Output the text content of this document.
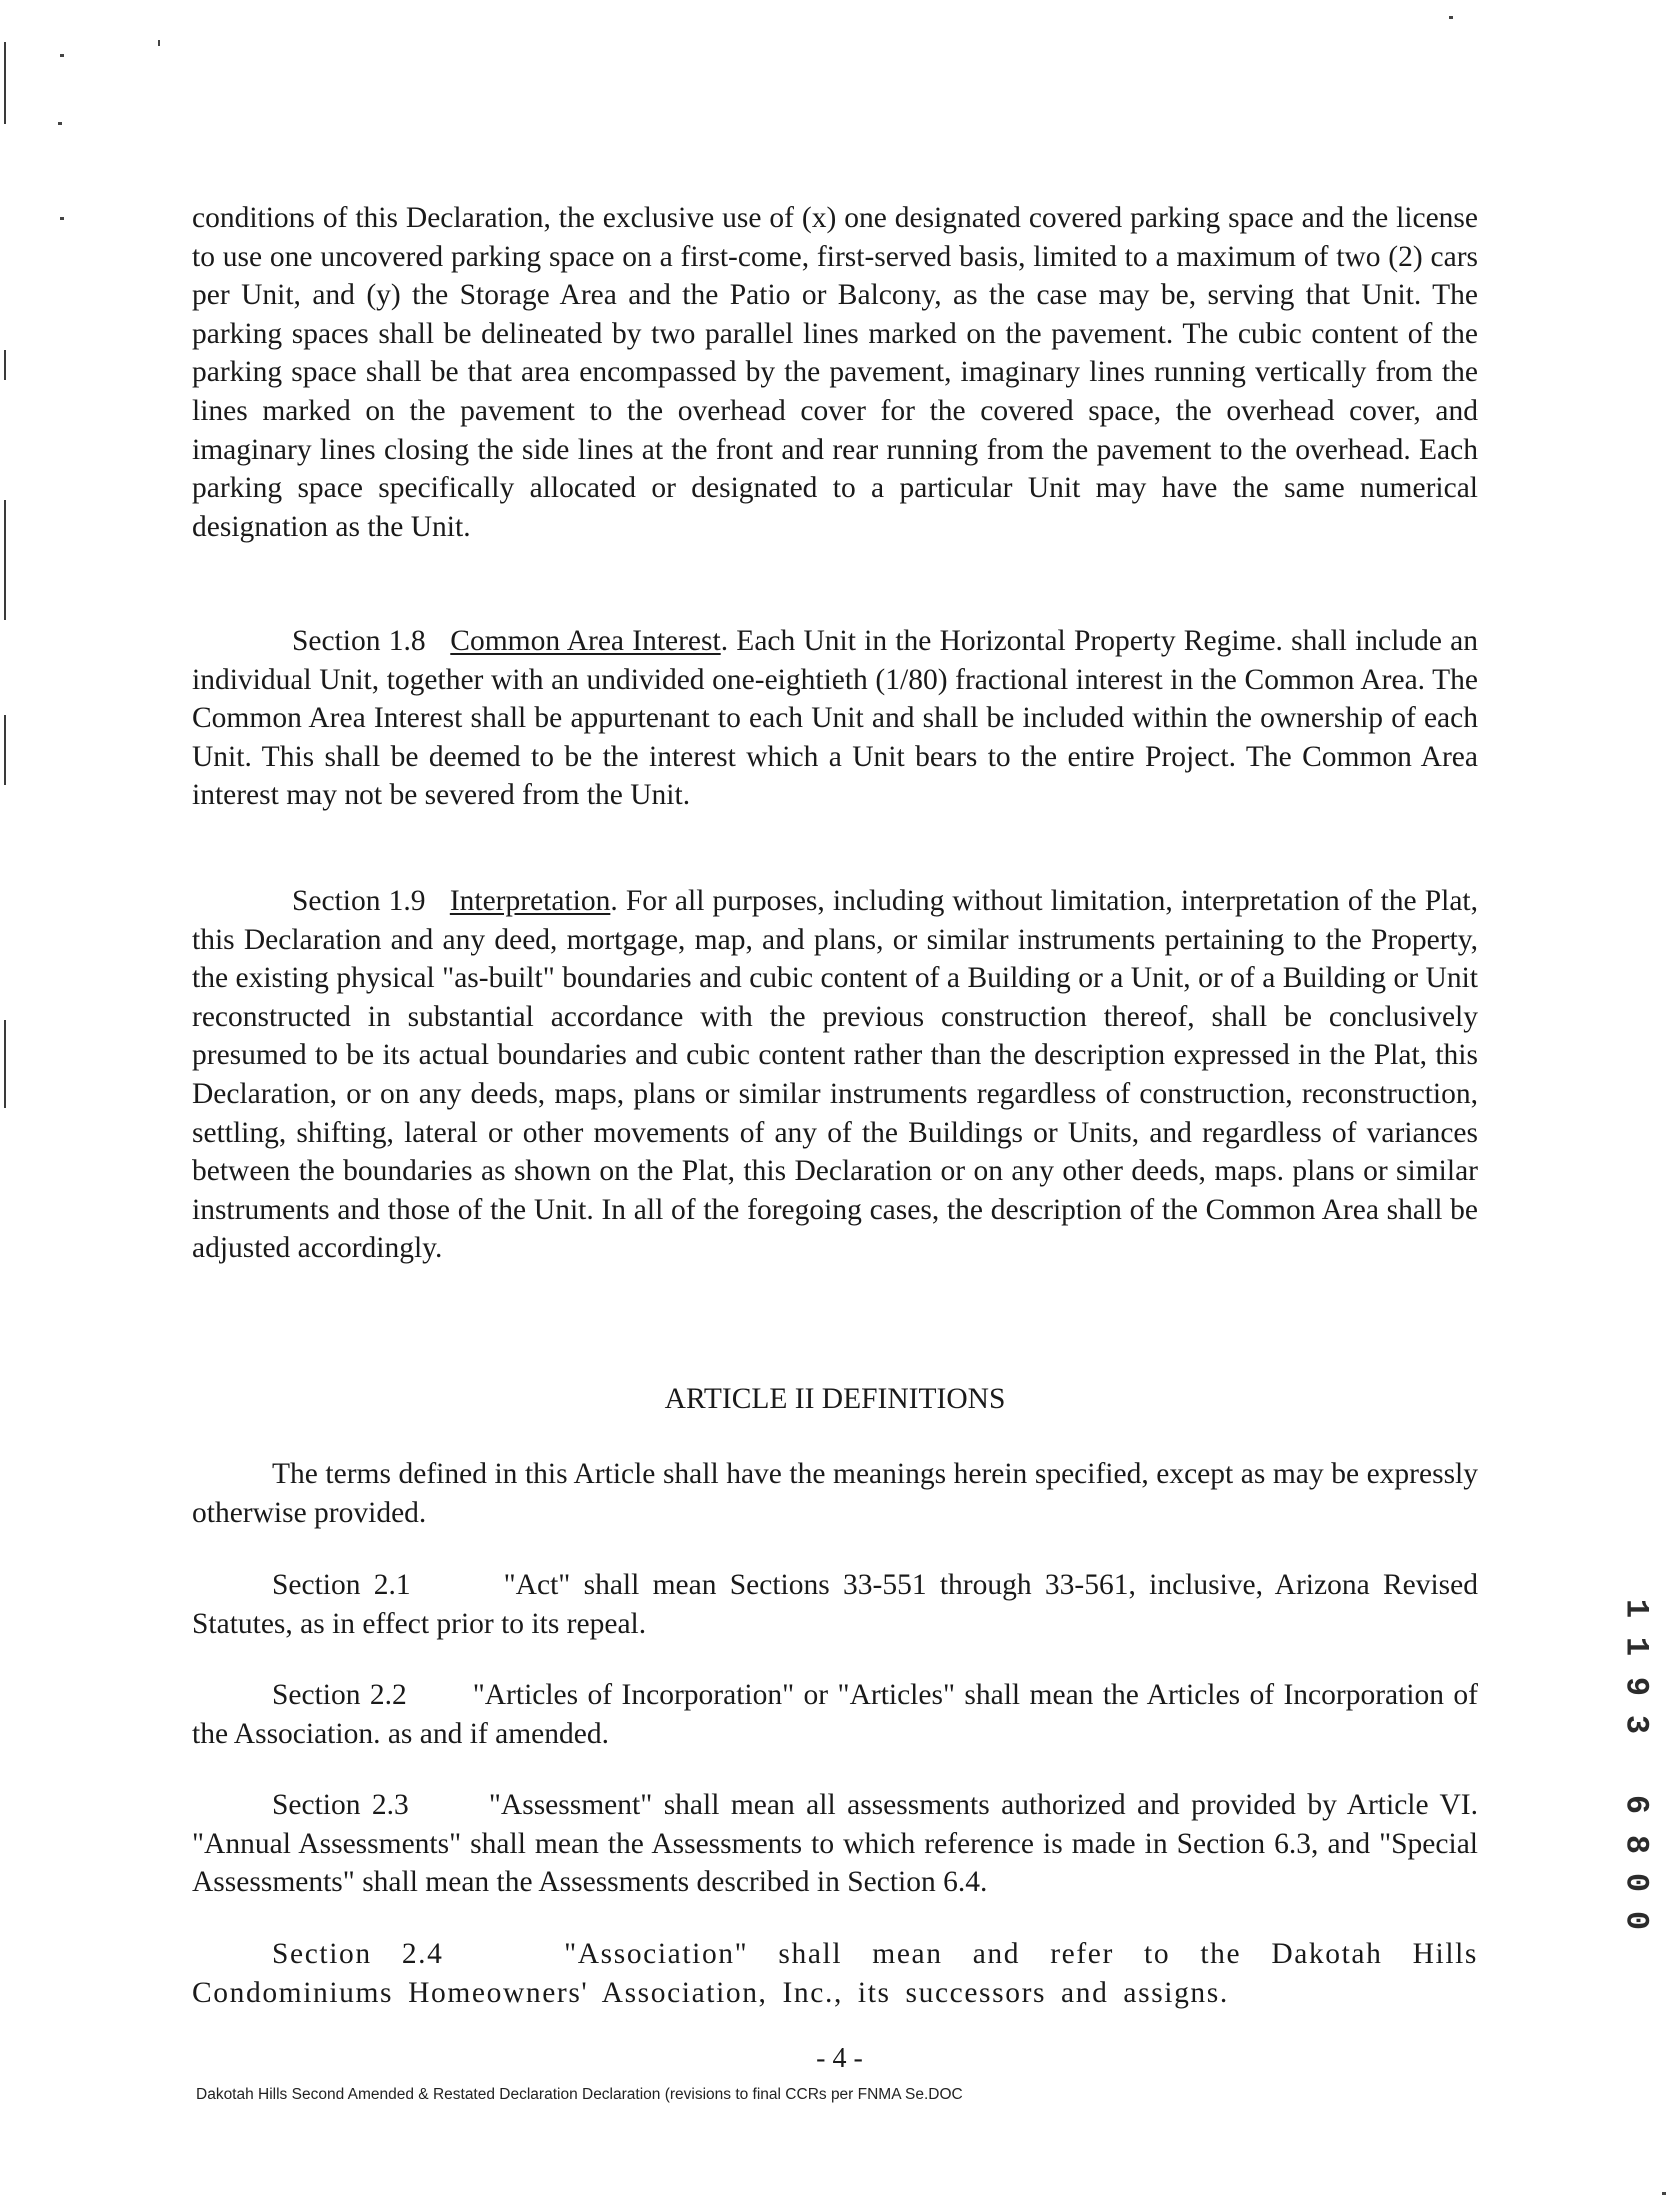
conditions of this Declaration, the exclusive use of (x) one designated covered parking space and the license to use one uncovered parking space on a first-come, first-served basis, limited to a maximum of two (2) cars per Unit, and (y) the Storage Area and the Patio or Balcony, as the case may be, serving that Unit. The parking spaces shall be delineated by two parallel lines marked on the pavement. The cubic content of the parking space shall be that area encompassed by the pavement, imaginary lines running vertically from the lines marked on the pavement to the overhead cover for the covered space, the overhead cover, and imaginary lines closing the side lines at the front and rear running from the pavement to the overhead. Each parking space specifically allocated or designated to a particular Unit may have the same numerical designation as the Unit.

Section 1.8 Common Area Interest. Each Unit in the Horizontal Property Regime. shall include an individual Unit, together with an undivided one-eightieth (1/80) fractional interest in the Common Area. The Common Area Interest shall be appurtenant to each Unit and shall be included within the ownership of each Unit. This shall be deemed to be the interest which a Unit bears to the entire Project. The Common Area interest may not be severed from the Unit.

Section 1.9 Interpretation. For all purposes, including without limitation, interpretation of the Plat, this Declaration and any deed, mortgage, map, and plans, or similar instruments pertaining to the Property, the existing physical "as-built" boundaries and cubic content of a Building or a Unit, or of a Building or Unit reconstructed in substantial accordance with the previous construction thereof, shall be conclusively presumed to be its actual boundaries and cubic content rather than the description expressed in the Plat, this Declaration, or on any deeds, maps, plans or similar instruments regardless of construction, reconstruction, settling, shifting, lateral or other movements of any of the Buildings or Units, and regardless of variances between the boundaries as shown on the Plat, this Declaration or on any other deeds, maps. plans or similar instruments and those of the Unit. In all of the foregoing cases, the description of the Common Area shall be adjusted accordingly.

ARTICLE II DEFINITIONS

The terms defined in this Article shall have the meanings herein specified, except as may be expressly otherwise provided.

Section 2.1	"Act" shall mean Sections 33-551 through 33-561, inclusive, Arizona Revised Statutes, as in effect prior to its repeal.

Section 2.2 "Articles of Incorporation" or "Articles" shall mean the Articles of Incorporation of the Association. as and if amended.

Section 2.3	"Assessment" shall mean all assessments authorized and provided by Article VI. "Annual Assessments" shall mean the Assessments to which reference is made in Section 6.3, and "Special Assessments" shall mean the Assessments described in Section 6.4.

Section 2.4	"Association" shall mean and refer to the Dakotah Hills Condominiums Homeowners' Association, Inc., its successors and assigns.

- 4 -
Dakotah Hills Second Amended & Restated Declaration Declaration (revisions to final CCRs per FNMA Se.DOC
1
1
9
3
6
8
0
0
